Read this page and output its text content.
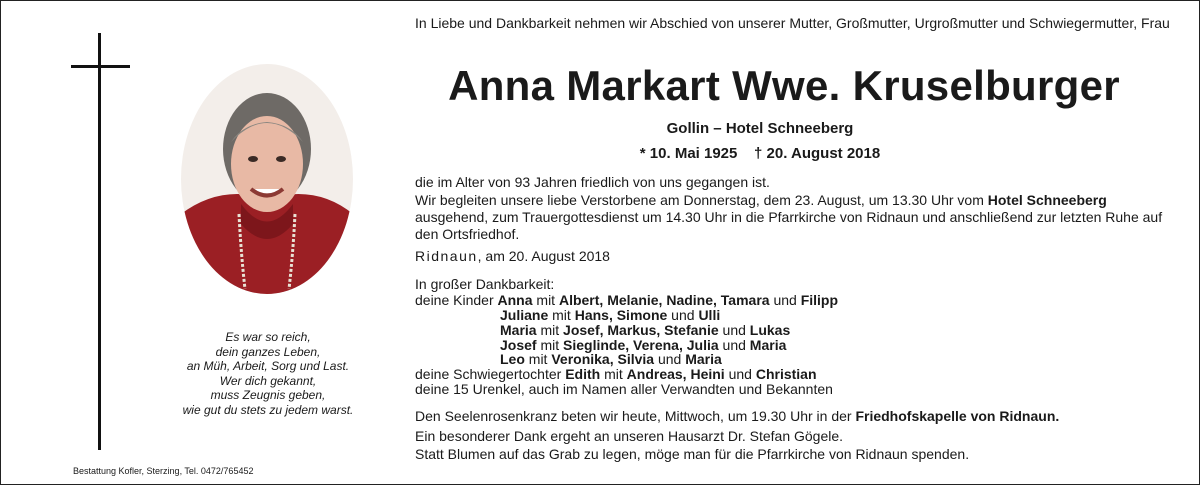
Es war so reich,
dein ganzes Leben,
an Müh, Arbeit, Sorg und Last.
Wer dich gekannt,
muss Zeugnis geben,
wie gut du stets zu jedem warst.
Bestattung Kofler, Sterzing, Tel. 0472/765452
In Liebe und Dankbarkeit nehmen wir Abschied von unserer Mutter, Großmutter, Urgroßmutter und Schwiegermutter, Frau
Anna Markart Wwe. Kruselburger
Gollin – Hotel Schneeberg
* 10. Mai 1925    † 20. August 2018
die im Alter von 93 Jahren friedlich von uns gegangen ist.
Wir begleiten unsere liebe Verstorbene am Donnerstag, dem 23. August, um 13.30 Uhr vom Hotel Schneeberg ausgehend, zum Trauergottesdienst um 14.30 Uhr in die Pfarrkirche von Ridnaun und anschließend zur letzten Ruhe auf den Ortsfriedhof.
Ridnaun, am 20. August 2018
In großer Dankbarkeit:
deine Kinder Anna mit Albert, Melanie, Nadine, Tamara und Filipp
Juliane mit Hans, Simone und Ulli
Maria mit Josef, Markus, Stefanie und Lukas
Josef mit Sieglinde, Verena, Julia und Maria
Leo mit Veronika, Silvia und Maria
deine Schwiegertochter Edith mit Andreas, Heini und Christian
deine 15 Urenkel, auch im Namen aller Verwandten und Bekannten
Den Seelenrosenkranz beten wir heute, Mittwoch, um 19.30 Uhr in der Friedhofskapelle von Ridnaun.
Ein besonderer Dank ergeht an unseren Hausarzt Dr. Stefan Gögele.
Statt Blumen auf das Grab zu legen, möge man für die Pfarrkirche von Ridnaun spenden.
